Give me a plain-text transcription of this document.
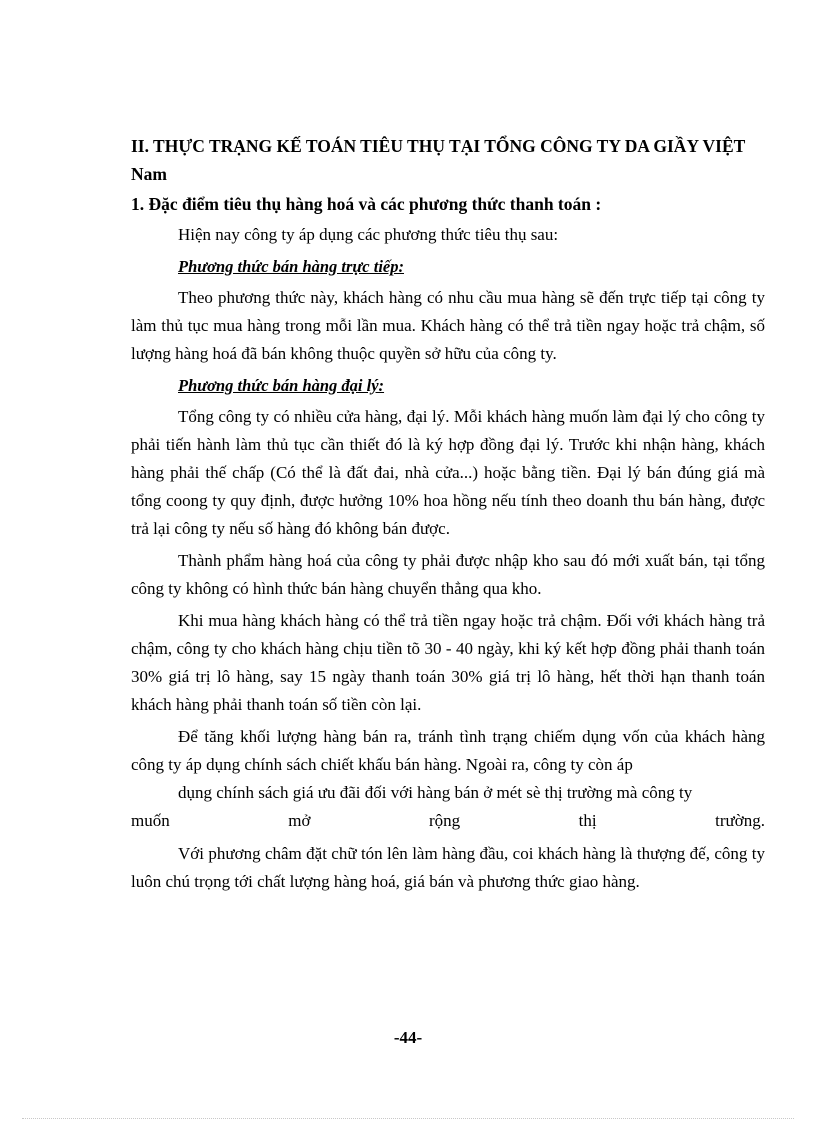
II. THỰC TRẠNG KẾ TOÁN TIÊU THỤ TẠI TỔNG CÔNG TY DA GIẦY VIỆT Nam
1. Đặc điểm tiêu thụ hàng hoá và các phương thức thanh toán :

Hiện nay công ty áp dụng các phương thức tiêu thụ sau:

Phương thức bán hàng trực tiếp:

Theo phương thức này, khách hàng có nhu cầu mua hàng sẽ đến trực tiếp tại công ty làm thủ tục mua hàng trong mỗi lần mua. Khách hàng có thể trả tiền ngay hoặc trả chậm, số lượng hàng hoá đã bán không thuộc quyền sở hữu của công ty.

Phương thức bán hàng đại lý:

Tổng công ty có nhiều cửa hàng, đại lý. Mỗi khách hàng muốn làm đại lý cho công ty phải tiến hành làm thủ tục cần thiết đó là ký hợp đồng đại lý. Trước khi nhận hàng, khách hàng phải thế chấp (Có thể là đất đai, nhà cửa...) hoặc bằng tiền. Đại lý bán đúng giá mà tổng coong ty quy định, được hưởng 10% hoa hồng nếu tính theo doanh thu bán hàng, được trả lại công ty nếu số hàng đó không bán được.

Thành phẩm hàng hoá của công ty phải được nhập kho sau đó mới xuất bán, tại tổng công ty không có hình thức bán hàng chuyển thẳng qua kho.

Khi mua hàng khách hàng có thể trả tiền ngay hoặc trả chậm. Đối với khách hàng trả chậm, công ty cho khách hàng chịu tiền tõ 30 - 40 ngày, khi ký kết hợp đồng phải thanh toán 30% giá trị lô hàng, say 15 ngày thanh toán 30% giá trị lô hàng, hết thời hạn thanh toán khách hàng phải thanh toán số tiền còn lại.

Để tăng khối lượng hàng bán ra, tránh tình trạng chiếm dụng vốn của khách hàng công ty áp dụng chính sách chiết khấu bán hàng. Ngoài ra, công ty còn áp

dụng chính sách giá ưu đãi đối với hàng bán ở mét sè thị trường mà công ty

muốn	mở	rộng	thị	trường.

Với phương châm đặt chữ tón lên làm hàng đầu, coi khách hàng là thượng đế, công ty luôn chú trọng tới chất lượng hàng hoá, giá bán và phương thức giao hàng.

-44-
